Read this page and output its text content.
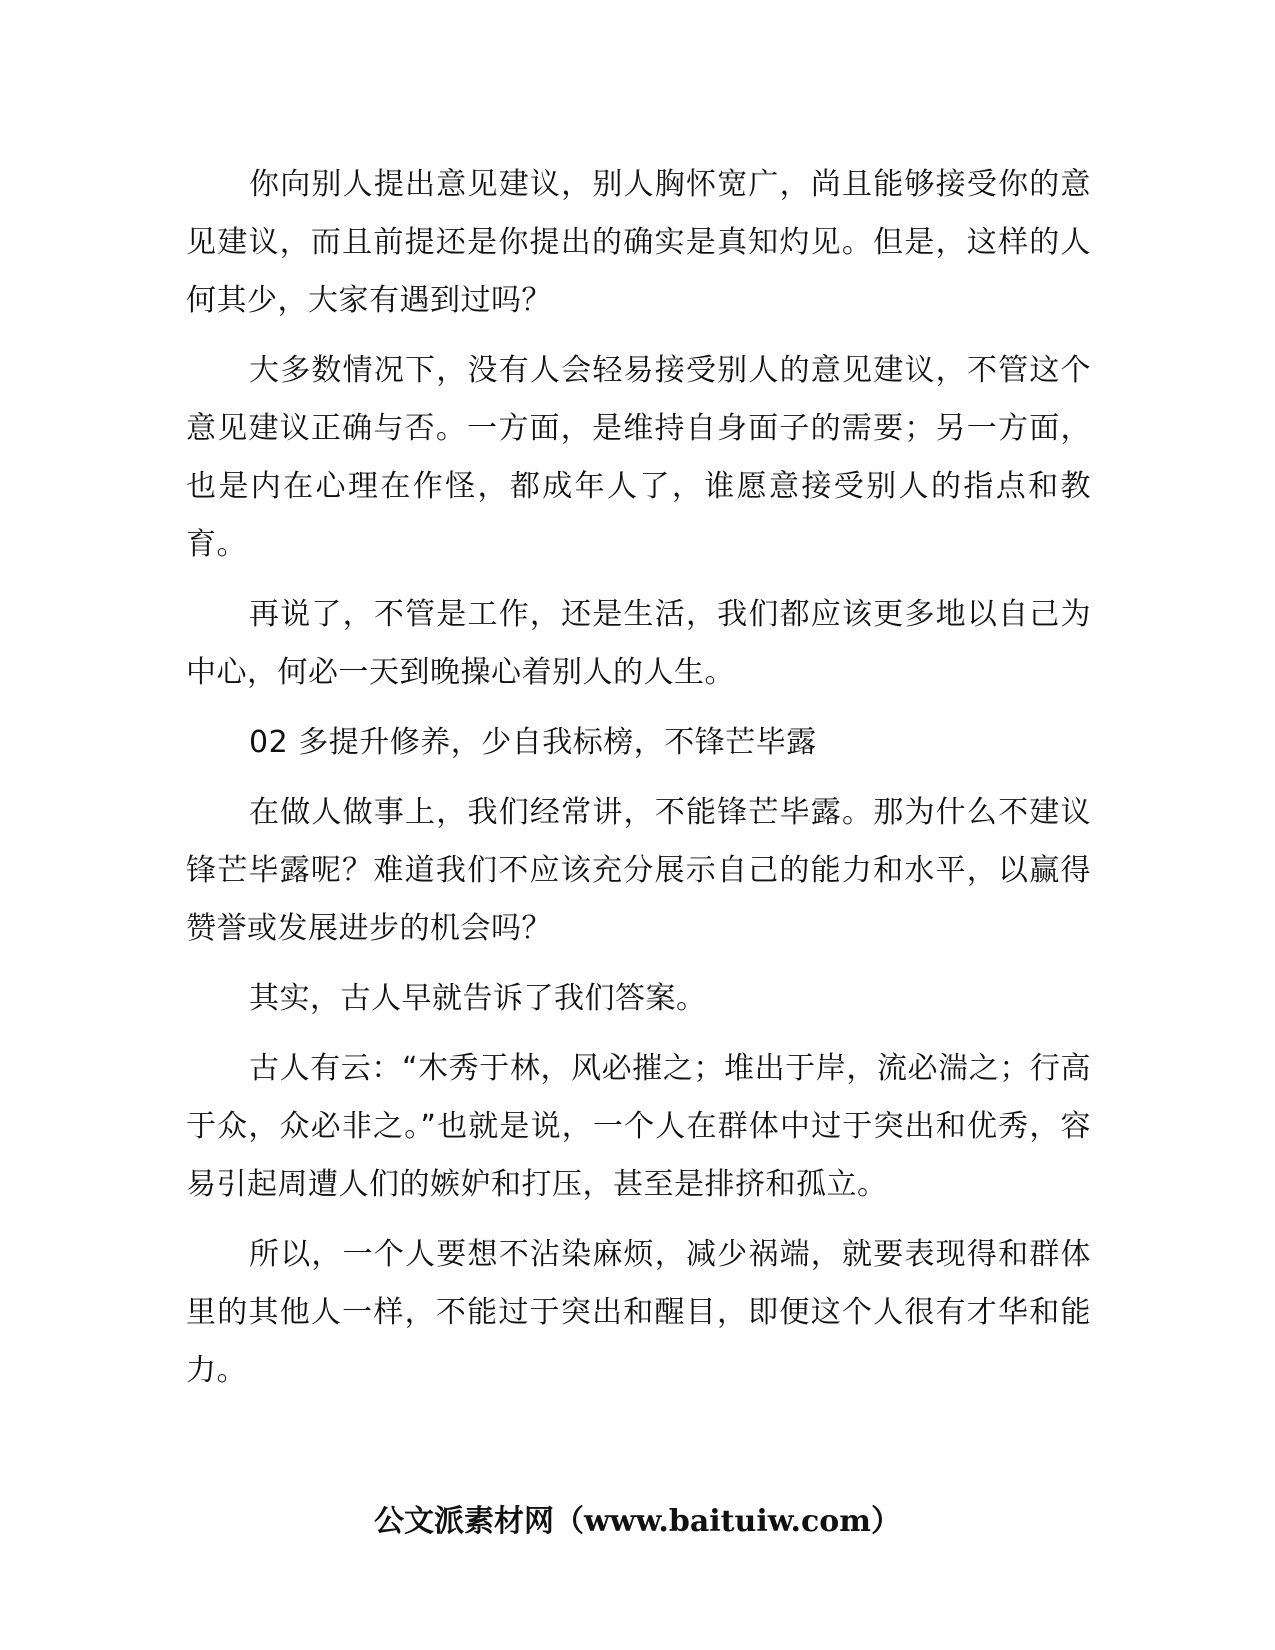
你向别人提出意见建议，别人胸怀宽广，尚且能够接受你的意见建议，而且前提还是你提出的确实是真知灼见。但是，这样的人何其少，大家有遇到过吗？

大多数情况下，没有人会轻易接受别人的意见建议，不管这个意见建议正确与否。一方面，是维持自身面子的需要；另一方面，也是内在心理在作怪，都成年人了，谁愿意接受别人的指点和教育。

再说了，不管是工作，还是生活，我们都应该更多地以自己为中心，何必一天到晚操心着别人的人生。

02 多提升修养，少自我标榜，不锋芒毕露

在做人做事上，我们经常讲，不能锋芒毕露。那为什么不建议锋芒毕露呢？难道我们不应该充分展示自己的能力和水平，以赢得赞誉或发展进步的机会吗？

其实，古人早就告诉了我们答案。

古人有云：“木秀于林，风必摧之；堆出于岸，流必湍之；行高于众，众必非之。”也就是说，一个人在群体中过于突出和优秀，容易引起周遭人们的嫉妒和打压，甚至是排挤和孤立。

所以，一个人要想不沾染麻烦，减少祸端，就要表现得和群体里的其他人一样，不能过于突出和醒目，即便这个人很有才华和能力。

公文派素材网（www.baituiw.com）
